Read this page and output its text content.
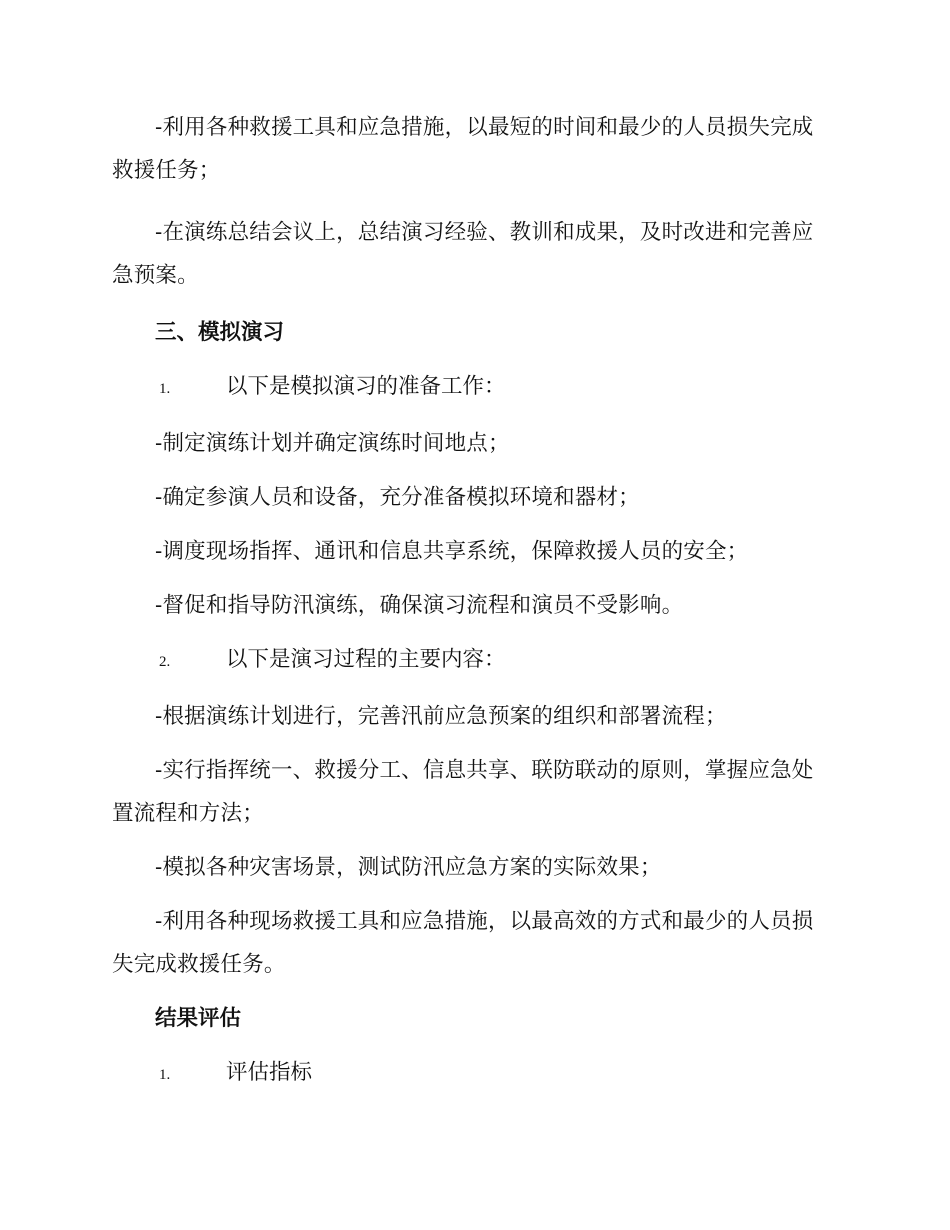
-利用各种救援工具和应急措施，以最短的时间和最少的人员损失完成救援任务；

-在演练总结会议上，总结演习经验、教训和成果，及时改进和完善应急预案。

三、模拟演习
1.	以下是模拟演习的准备工作：

-制定演练计划并确定演练时间地点；

-确定参演人员和设备，充分准备模拟环境和器材；

-调度现场指挥、通讯和信息共享系统，保障救援人员的安全；

-督促和指导防汛演练，确保演习流程和演员不受影响。

2.	以下是演习过程的主要内容：

-根据演练计划进行，完善汛前应急预案的组织和部署流程；

-实行指挥统一、救援分工、信息共享、联防联动的原则，掌握应急处置流程和方法；

-模拟各种灾害场景，测试防汛应急方案的实际效果；

-利用各种现场救援工具和应急措施，以最高效的方式和最少的人员损失完成救援任务。

结果评估
1.	评估指标
